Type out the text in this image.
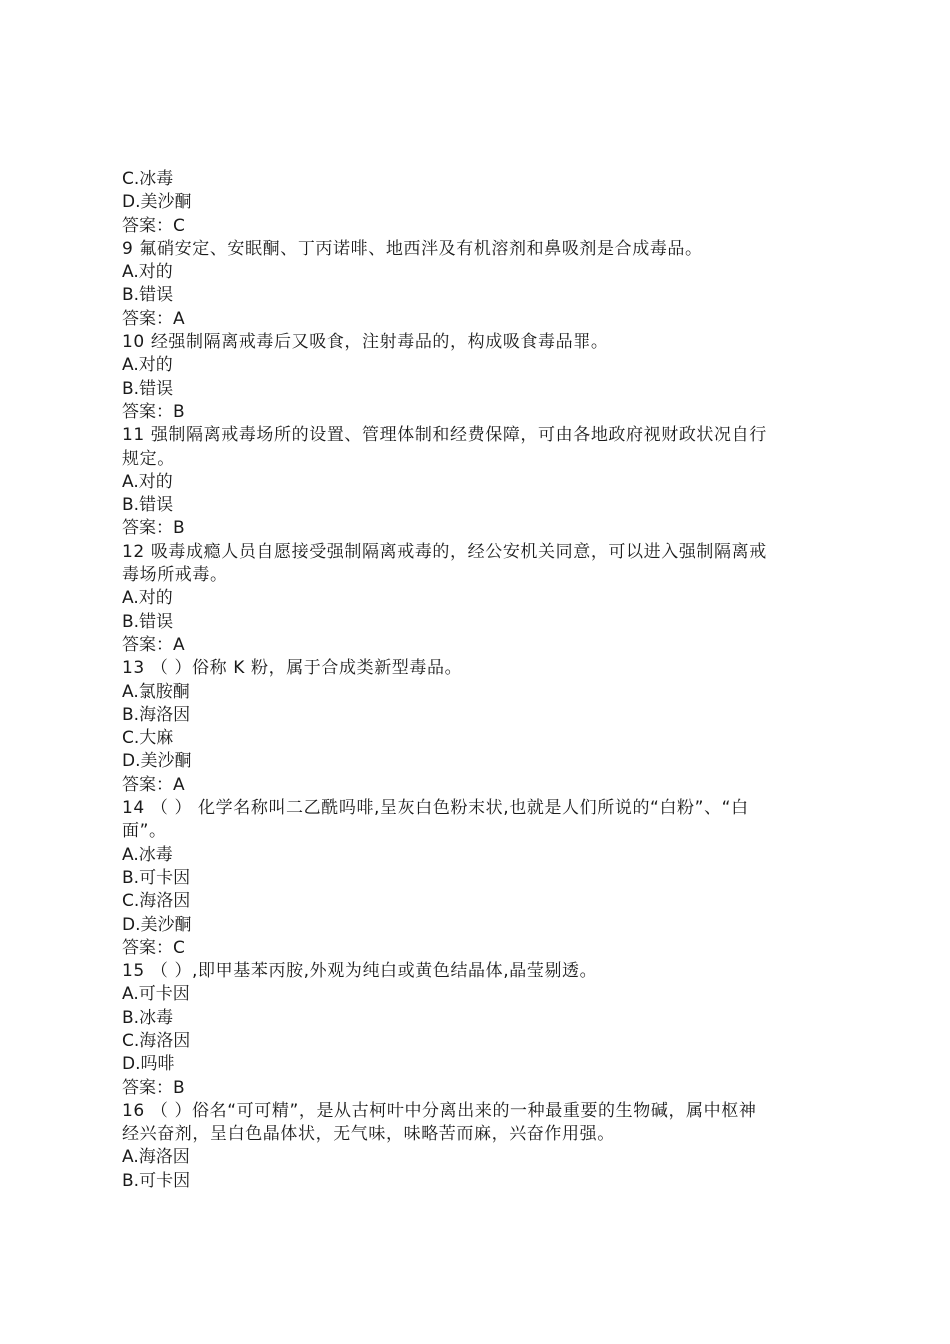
C.冰毒
D.美沙酮
答案：C
9 氟硝安定、安眠酮、丁丙诺啡、地西泮及有机溶剂和鼻吸剂是合成毒品。
A.对的
B.错误
答案：A
10 经强制隔离戒毒后又吸食，注射毒品的，构成吸食毒品罪。
A.对的
B.错误
答案：B
11 强制隔离戒毒场所的设置、管理体制和经费保障，可由各地政府视财政状况自行
规定。
A.对的
B.错误
答案：B
12 吸毒成瘾人员自愿接受强制隔离戒毒的，经公安机关同意，可以进入强制隔离戒
毒场所戒毒。
A.对的
B.错误
答案：A
13 （ ）俗称 K 粉，属于合成类新型毒品。
A.氯胺酮
B.海洛因
C.大麻
D.美沙酮
答案：A
14 （ ） 化学名称叫二乙酰吗啡,呈灰白色粉末状,也就是人们所说的“白粉”、“白
面”。
A.冰毒
B.可卡因
C.海洛因
D.美沙酮
答案：C
15 （ ）,即甲基苯丙胺,外观为纯白或黄色结晶体,晶莹剔透。
A.可卡因
B.冰毒
C.海洛因
D.吗啡
答案：B
16 （ ）俗名“可可精”，是从古柯叶中分离出来的一种最重要的生物碱，属中枢神
经兴奋剂，呈白色晶体状，无气味，味略苦而麻，兴奋作用强。
A.海洛因
B.可卡因
